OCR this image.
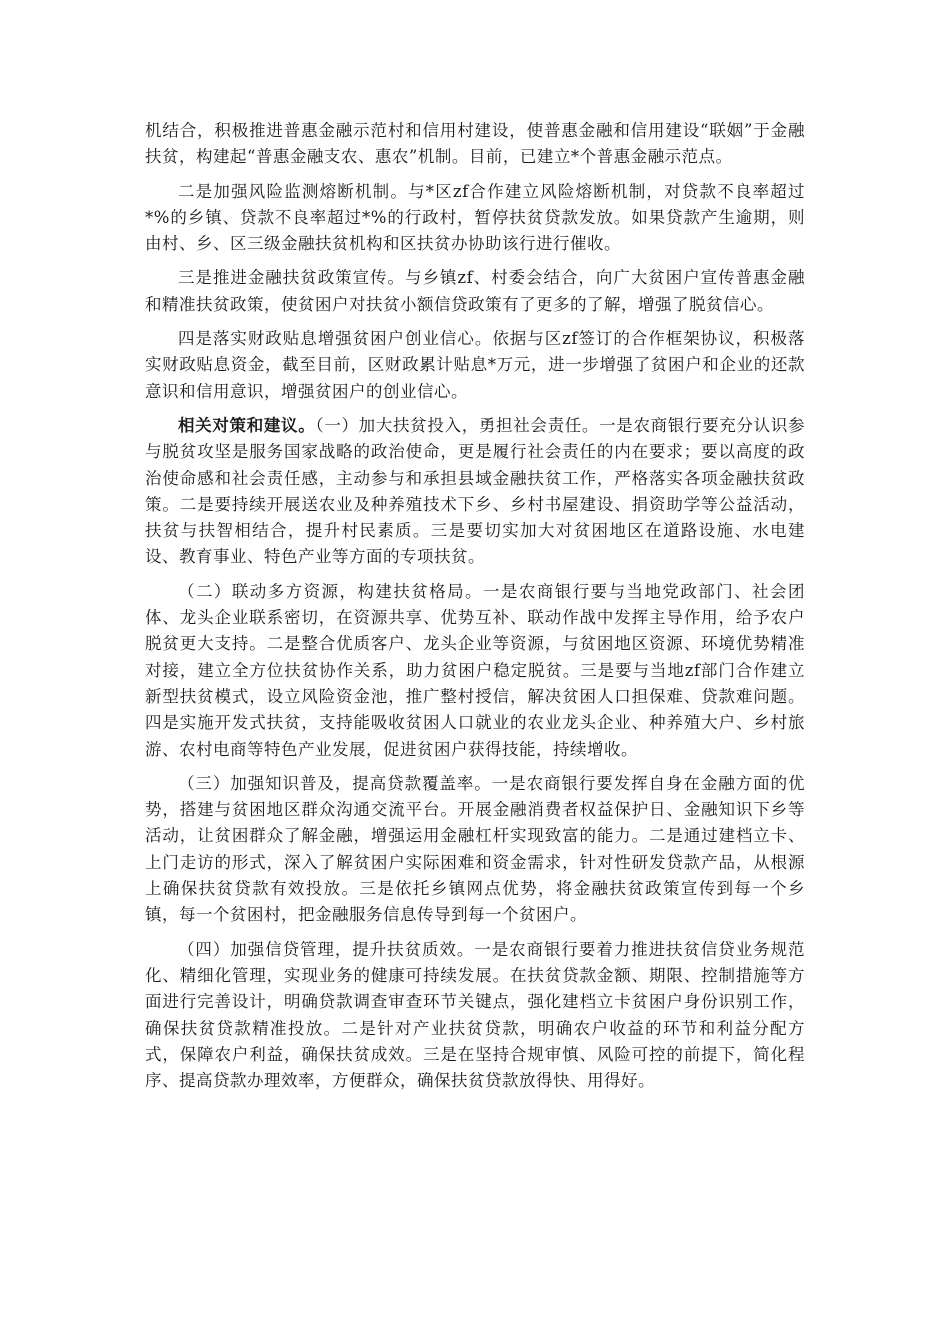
机结合，积极推进普惠金融示范村和信用村建设，使普惠金融和信用建设“联姻”于金融扶贫，构建起“普惠金融支农、惠农”机制。目前，已建立*个普惠金融示范点。

二是加强风险监测熔断机制。与*区zf合作建立风险熔断机制，对贷款不良率超过*%的乡镇、贷款不良率超过*%的行政村，暂停扶贫贷款发放。如果贷款产生逾期，则由村、乡、区三级金融扶贫机构和区扶贫办协助该行进行催收。

三是推进金融扶贫政策宣传。与乡镇zf、村委会结合，向广大贫困户宣传普惠金融和精准扶贫政策，使贫困户对扶贫小额信贷政策有了更多的了解，增强了脱贫信心。

四是落实财政贴息增强贫困户创业信心。依据与区zf签订的合作框架协议，积极落实财政贴息资金，截至目前，区财政累计贴息*万元，进一步增强了贫困户和企业的还款意识和信用意识，增强贫困户的创业信心。

相关对策和建议。（一）加大扶贫投入，勇担社会责任。一是农商银行要充分认识参与脱贫攻坚是服务国家战略的政治使命，更是履行社会责任的内在要求；要以高度的政治使命感和社会责任感，主动参与和承担县域金融扶贫工作，严格落实各项金融扶贫政策。二是要持续开展送农业及种养殖技术下乡、乡村书屋建设、捐资助学等公益活动，扶贫与扶智相结合，提升村民素质。三是要切实加大对贫困地区在道路设施、水电建设、教育事业、特色产业等方面的专项扶贫。

（二）联动多方资源，构建扶贫格局。一是农商银行要与当地党政部门、社会团体、龙头企业联系密切，在资源共享、优势互补、联动作战中发挥主导作用，给予农户脱贫更大支持。二是整合优质客户、龙头企业等资源，与贫困地区资源、环境优势精准对接，建立全方位扶贫协作关系，助力贫困户稳定脱贫。三是要与当地zf部门合作建立新型扶贫模式，设立风险资金池，推广整村授信，解决贫困人口担保难、贷款难问题。四是实施开发式扶贫，支持能吸收贫困人口就业的农业龙头企业、种养殖大户、乡村旅游、农村电商等特色产业发展，促进贫困户获得技能，持续增收。

（三）加强知识普及，提高贷款覆盖率。一是农商银行要发挥自身在金融方面的优势，搭建与贫困地区群众沟通交流平台。开展金融消费者权益保护日、金融知识下乡等活动，让贫困群众了解金融，增强运用金融杠杆实现致富的能力。二是通过建档立卡、上门走访的形式，深入了解贫困户实际困难和资金需求，针对性研发贷款产品，从根源上确保扶贫贷款有效投放。三是依托乡镇网点优势，将金融扶贫政策宣传到每一个乡镇，每一个贫困村，把金融服务信息传导到每一个贫困户。

（四）加强信贷管理，提升扶贫质效。一是农商银行要着力推进扶贫信贷业务规范化、精细化管理，实现业务的健康可持续发展。在扶贫贷款金额、期限、控制措施等方面进行完善设计，明确贷款调查审查环节关键点，强化建档立卡贫困户身份识别工作，确保扶贫贷款精准投放。二是针对产业扶贫贷款，明确农户收益的环节和利益分配方式，保障农户利益，确保扶贫成效。三是在坚持合规审慎、风险可控的前提下，简化程序、提高贷款办理效率，方便群众，确保扶贫贷款放得快、用得好。
